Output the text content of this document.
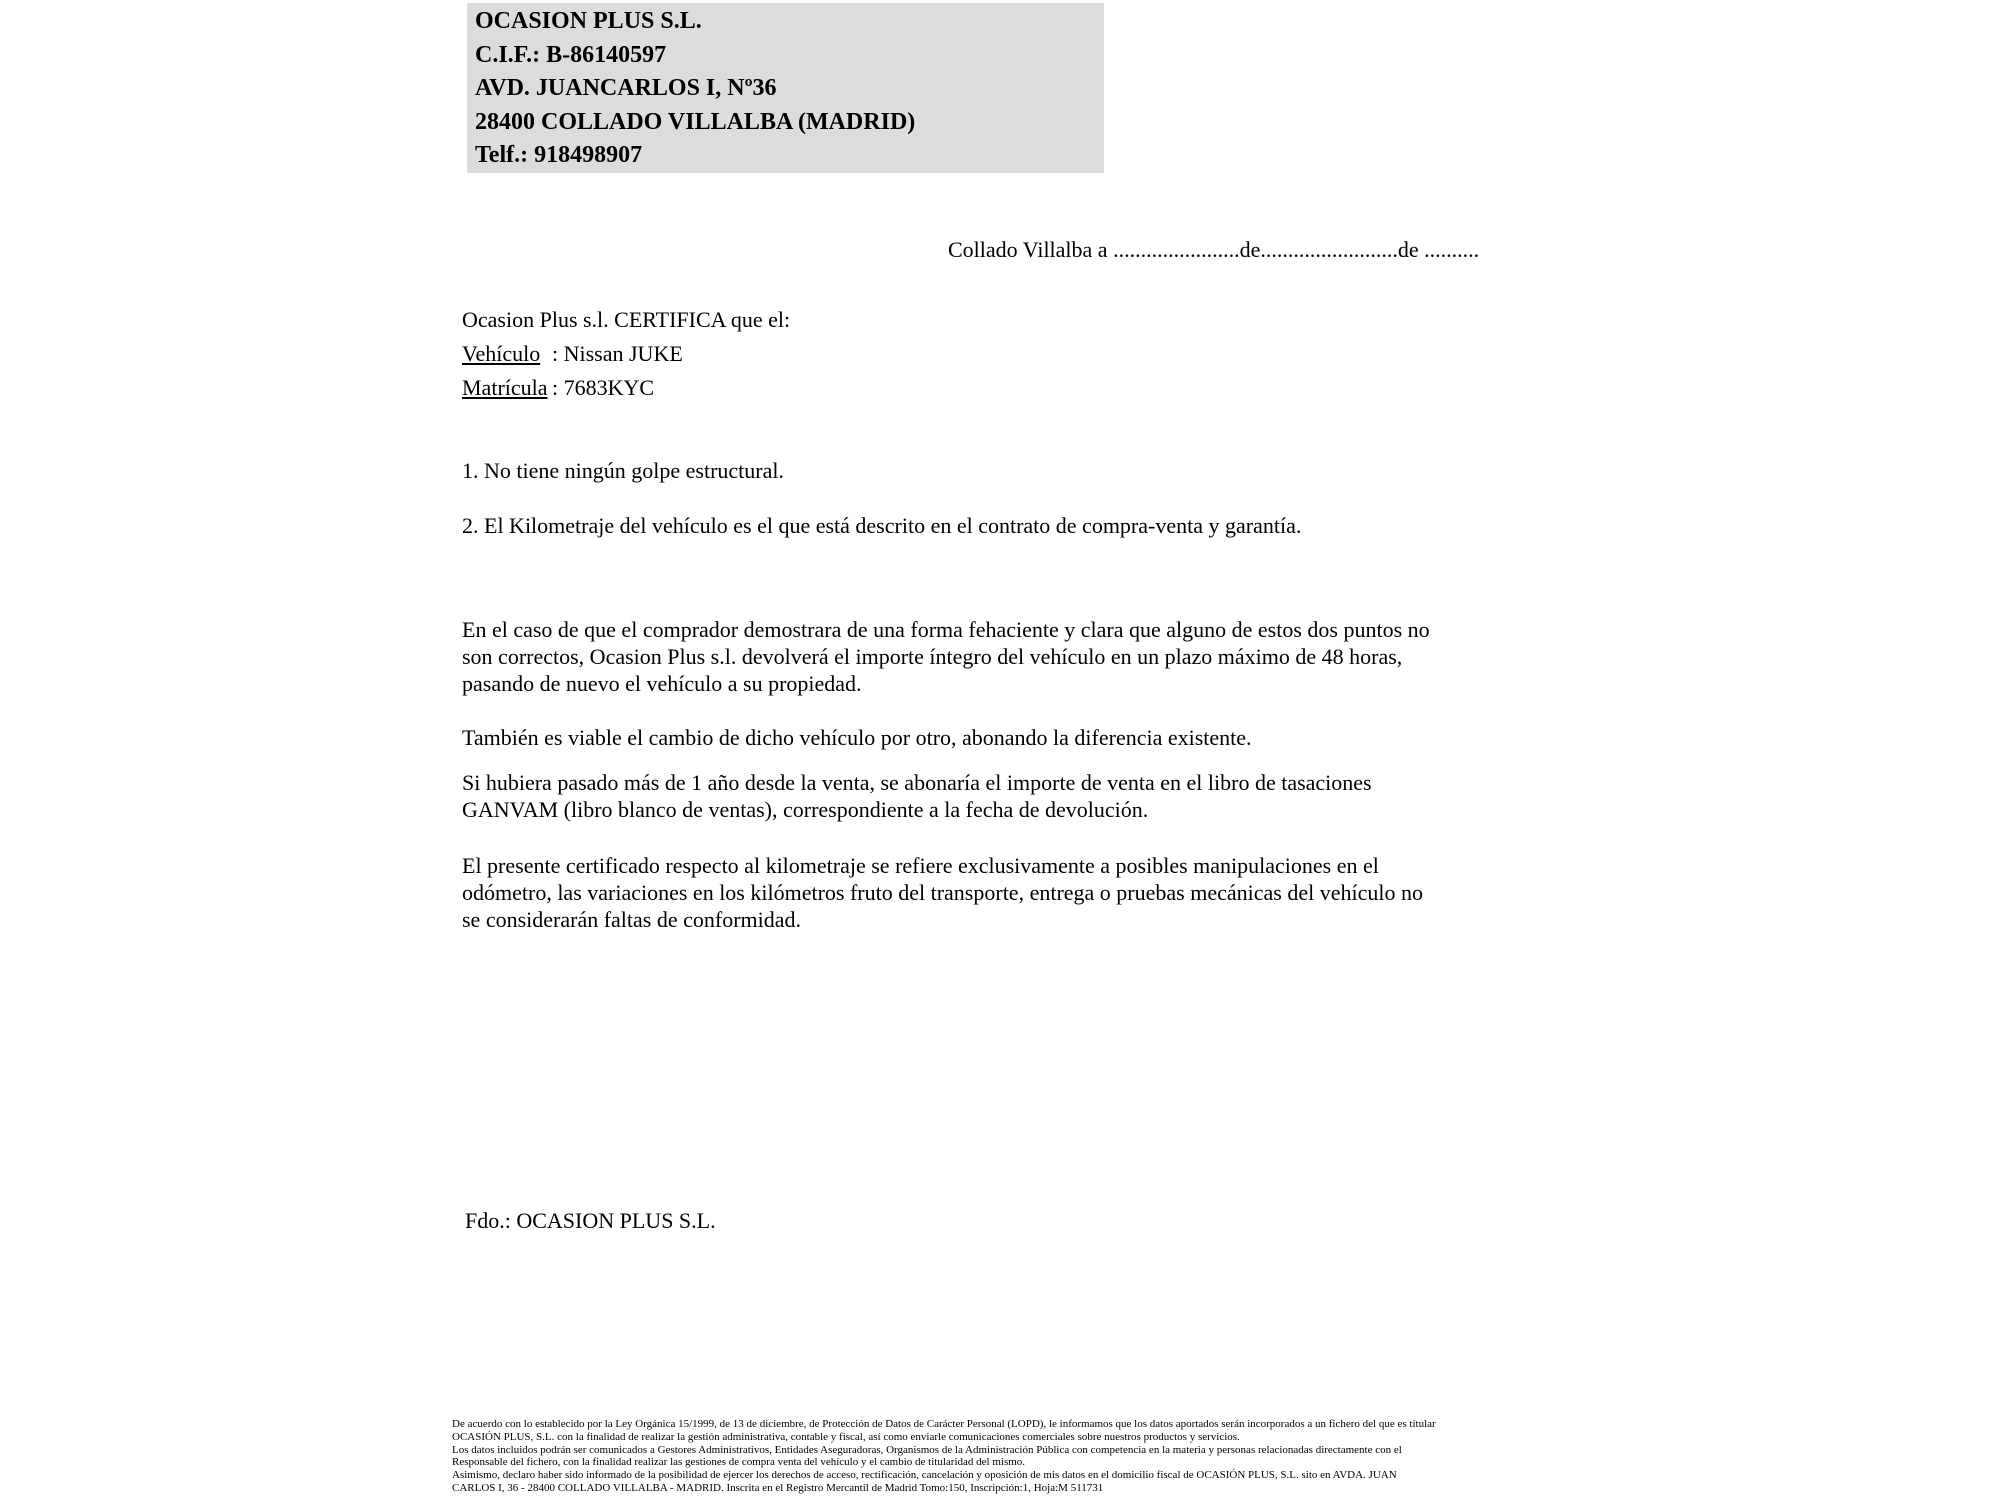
OCASION PLUS S.L.
C.I.F.: B-86140597
AVD. JUANCARLOS I, Nº36
28400 COLLADO VILLALBA (MADRID)
Telf.: 918498907
Collado Villalba a .......................de.........................de ..........
Ocasion Plus s.l. CERTIFICA que el:
Vehículo : Nissan JUKE
Matrícula : 7683KYC
1. No tiene ningún golpe estructural.
2. El Kilometraje del vehículo es el que está descrito en el contrato de compra-venta y garantía.
En el caso de que el comprador demostrara de una forma fehaciente y clara que alguno de estos dos puntos no
son correctos, Ocasion Plus s.l. devolverá el importe íntegro del vehículo en un plazo máximo de 48 horas,
pasando de nuevo el vehículo a su propiedad.
También es viable el cambio de dicho vehículo por otro, abonando la diferencia existente.
Si hubiera pasado más de 1 año desde la venta, se abonaría el importe de venta en el libro de tasaciones
GANVAM (libro blanco de ventas), correspondiente a la fecha de devolución.
El presente certificado respecto al kilometraje se refiere exclusivamente a posibles manipulaciones en el
odómetro, las variaciones en los kilómetros fruto del transporte, entrega o pruebas mecánicas del vehículo no
se considerarán faltas de conformidad.
Fdo.: OCASION PLUS S.L.
De acuerdo con lo establecido por la Ley Orgánica 15/1999, de 13 de diciembre, de Protección de Datos de Carácter Personal (LOPD), le informamos que los datos aportados serán incorporados a un fichero del que es titular
OCASIÓN PLUS, S.L. con la finalidad de realizar la gestión administrativa, contable y fiscal, así como enviarle comunicaciones comerciales sobre nuestros productos y servicios.
Los datos incluidos podrán ser comunicados a Gestores Administrativos, Entidades Aseguradoras, Organismos de la Administración Pública con competencia en la materia y personas relacionadas directamente con el
Responsable del fichero, con la finalidad realizar las gestiones de compra venta del vehículo y el cambio de titularidad del mismo.
Asimismo, declaro haber sido informado de la posibilidad de ejercer los derechos de acceso, rectificación, cancelación y oposición de mis datos en el domicilio fiscal de OCASIÓN PLUS, S.L. sito en AVDA. JUAN
CARLOS I, 36 - 28400 COLLADO VILLALBA - MADRID. Inscrita en el Registro Mercantil de Madrid Tomo:150, Inscripción:1, Hoja:M 511731
